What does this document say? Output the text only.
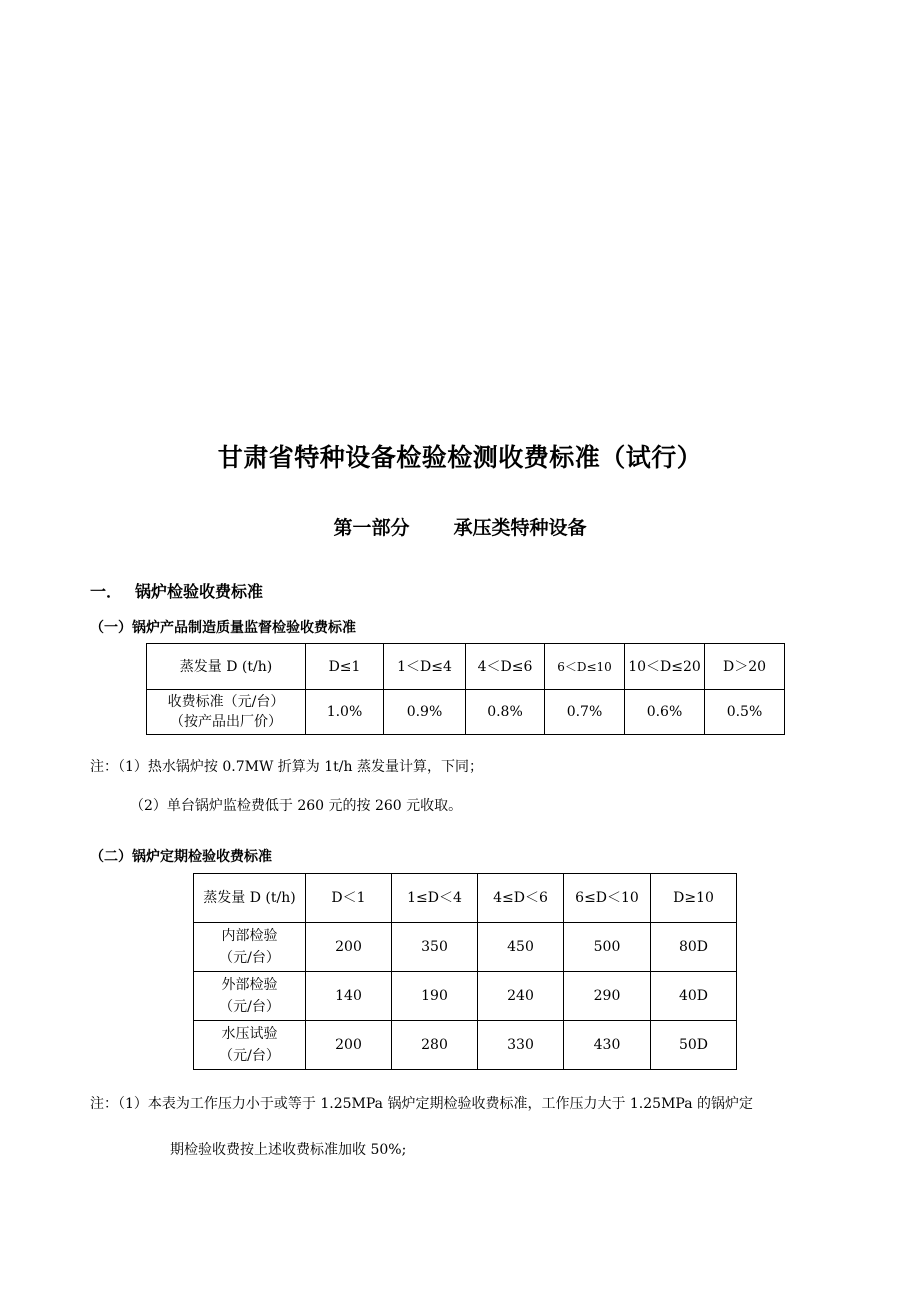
甘肃省特种设备检验检测收费标准（试行）
第一部分 承压类特种设备
一． 锅炉检验收费标准
（一）锅炉产品制造质量监督检验收费标准
蒸发量 D (t/h)	D≤1	1＜D≤4	4＜D≤6	6＜D≤10	10＜D≤20	D＞20

收费标准（元/台）
（按产品出厂价）	1.0%	0.9%	0.8%	0.7%	0.6%	0.5%
注：（1）热水锅炉按 0.7MW 折算为 1t/h 蒸发量计算，下同；
（2）单台锅炉监检费低于 260 元的按 260 元收取。
（二）锅炉定期检验收费标准
蒸发量 D (t/h)	D＜1	1≤D＜4	4≤D＜6	6≤D＜10	D≥10

内部检验
（元/台）	200	350	450	500	80D

外部检验
（元/台）	140	190	240	290	40D

水压试验
（元/台）	200	280	330	430	50D
注：（1）本表为工作压力小于或等于 1.25MPa 锅炉定期检验收费标准，工作压力大于 1.25MPa 的锅炉定
期检验收费按上述收费标准加收 50%;
